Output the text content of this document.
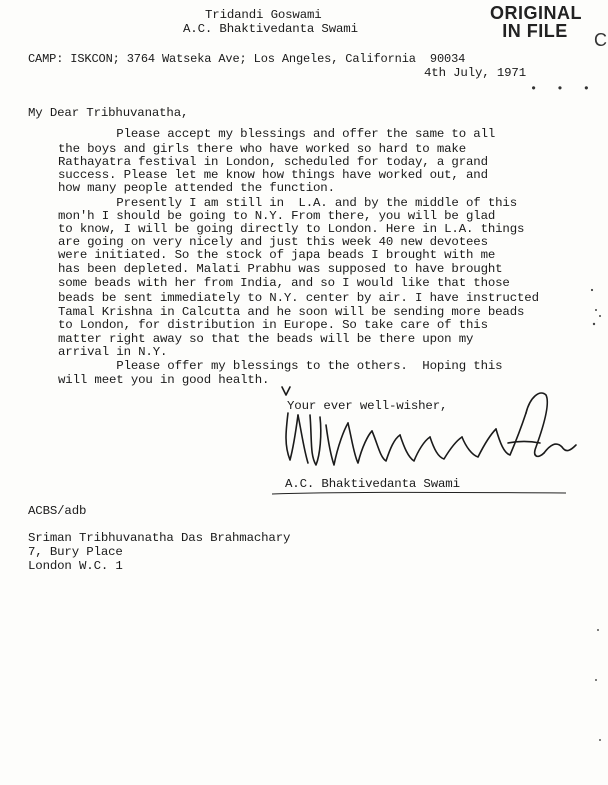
Tridandi Goswami
A.C. Bhaktivedanta Swami
CAMP: ISKCON; 3764 Watseka Ave; Los Angeles, California  90034
4th July, 1971
• • •
ORIGINAL
IN FILE	C
My Dear Tribhuvanatha,
Please accept my blessings and offer the same to all
the boys and girls there who have worked so hard to make
Rathayatra festival in London, scheduled for today, a grand
success. Please let me know how things have worked out, and
how many people attended the function.
Presently I am still in  L.A. and by the middle of this
mon'h I should be going to N.Y. From there, you will be glad
to know, I will be going directly to London. Here in L.A. things
are going on very nicely and just this week 40 new devotees
were initiated. So the stock of japa beads I brought with me
has been depleted. Malati Prabhu was supposed to have brought
some beads with her from India, and so I would like that those
beads be sent immediately to N.Y. center by air. I have instructed
Tamal Krishna in Calcutta and he soon will be sending more beads
to London, for distribution in Europe. So take care of this
matter right away so that the beads will be there upon my
arrival in N.Y.
Please offer my blessings to the others.  Hoping this
will meet you in good health.
Your ever well-wisher,
A.C. Bhaktivedanta Swami
ACBS/adb
Sriman Tribhuvanatha Das Brahmachary
7, Bury Place
London W.C. 1
